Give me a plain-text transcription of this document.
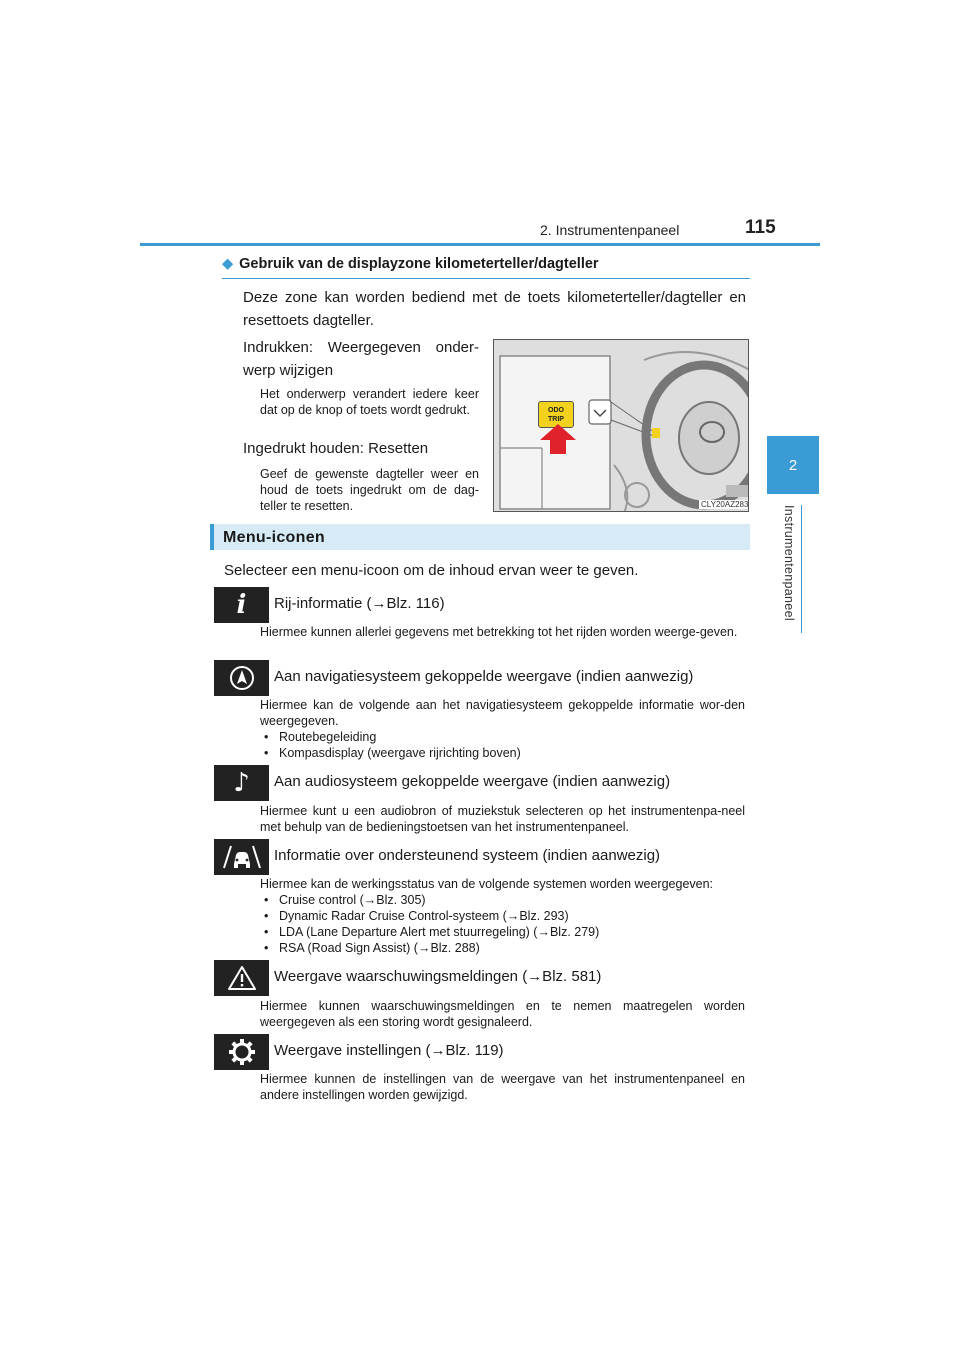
2. Instrumentenpaneel	115
2
Instrumentenpaneel
◆ Gebruik van de displayzone kilometerteller/dagteller
Deze zone kan worden bediend met de toets kilometerteller/dagteller en resettoets dagteller.
Indrukken: Weergegeven onder-werp wijzigen
Het onderwerp verandert iedere keer dat op de knop of toets wordt gedrukt.
Ingedrukt houden: Resetten
Geef de gewenste dagteller weer en houd de toets ingedrukt om de dag-teller te resetten.
ODO
TRIP
CLY20AZ283
Menu-iconen
Selecteer een menu-icoon om de inhoud ervan weer te geven.
i Rij-informatie (→Blz. 116)
Hiermee kunnen allerlei gegevens met betrekking tot het rijden worden weerge-geven.
Aan navigatiesysteem gekoppelde weergave (indien aanwezig)
Hiermee kan de volgende aan het navigatiesysteem gekoppelde informatie wor-den weergegeven.
• Routebegeleiding
• Kompasdisplay (weergave rijrichting boven)
♪ Aan audiosysteem gekoppelde weergave (indien aanwezig)
Hiermee kunt u een audiobron of muziekstuk selecteren op het instrumentenpa-neel met behulp van de bedieningstoetsen van het instrumentenpaneel.
Informatie over ondersteunend systeem (indien aanwezig)
Hiermee kan de werkingsstatus van de volgende systemen worden weergegeven:
• Cruise control (→Blz. 305)
• Dynamic Radar Cruise Control-systeem (→Blz. 293)
• LDA (Lane Departure Alert met stuurregeling) (→Blz. 279)
• RSA (Road Sign Assist) (→Blz. 288)
Weergave waarschuwingsmeldingen (→Blz. 581)
Hiermee kunnen waarschuwingsmeldingen en te nemen maatregelen worden weergegeven als een storing wordt gesignaleerd.
Weergave instellingen (→Blz. 119)
Hiermee kunnen de instellingen van de weergave van het instrumentenpaneel en andere instellingen worden gewijzigd.
